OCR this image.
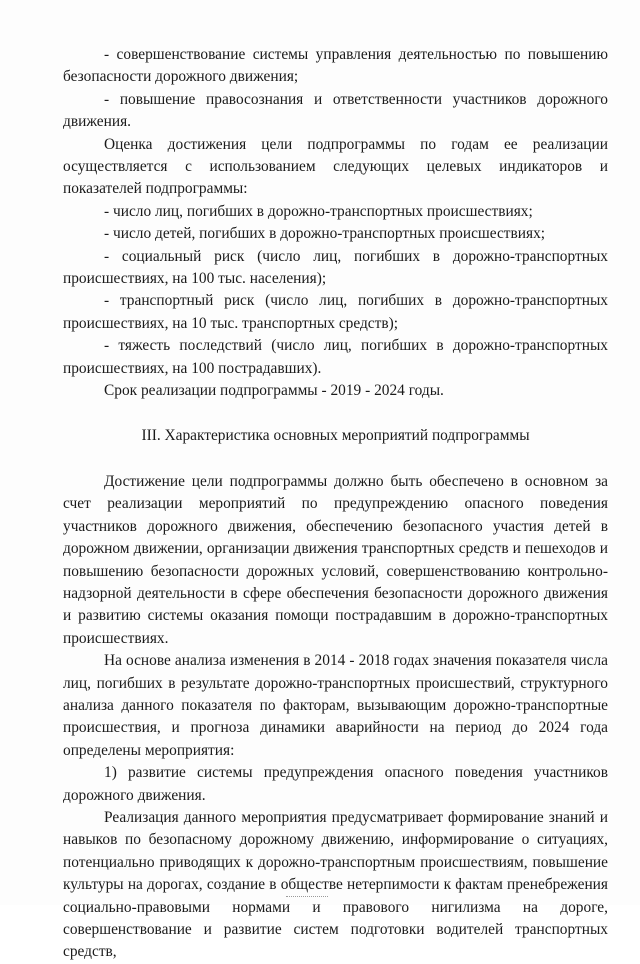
- совершенствование системы управления деятельностью по повышению безопасности дорожного движения;

- повышение правосознания и ответственности участников дорожного движения.

Оценка достижения цели подпрограммы по годам ее реализации осуществляется с использованием следующих целевых индикаторов и показателей подпрограммы:

- число лиц, погибших в дорожно-транспортных происшествиях;

- число детей, погибших в дорожно-транспортных происшествиях;

- социальный риск (число лиц, погибших в дорожно-транспортных происшествиях, на 100 тыс. населения);

- транспортный риск (число лиц, погибших в дорожно-транспортных происшествиях, на 10 тыс. транспортных средств);

- тяжесть последствий (число лиц, погибших в дорожно-транспортных происшествиях, на 100 пострадавших).

Срок реализации подпрограммы - 2019 - 2024 годы.

III. Характеристика основных мероприятий подпрограммы

Достижение цели подпрограммы должно быть обеспечено в основном за счет реализации мероприятий по предупреждению опасного поведения участников дорожного движения, обеспечению безопасного участия детей в дорожном движении, организации движения транспортных средств и пешеходов и повышению безопасности дорожных условий, совершенствованию контрольно-надзорной деятельности в сфере обеспечения безопасности дорожного движения и развитию системы оказания помощи пострадавшим в дорожно-транспортных происшествиях.

На основе анализа изменения в 2014 - 2018 годах значения показателя числа лиц, погибших в результате дорожно-транспортных происшествий, структурного анализа данного показателя по факторам, вызывающим дорожно-транспортные происшествия, и прогноза динамики аварийности на период до 2024 года определены мероприятия:

1) развитие системы предупреждения опасного поведения участников дорожного движения.

Реализация данного мероприятия предусматривает формирование знаний и навыков по безопасному дорожному движению, информирование о ситуациях, потенциально приводящих к дорожно-транспортным происшествиям, повышение культуры на дорогах, создание в обществе нетерпимости к фактам пренебрежения социально-правовыми нормами и правового нигилизма на дороге, совершенствование и развитие систем подготовки водителей транспортных средств,
